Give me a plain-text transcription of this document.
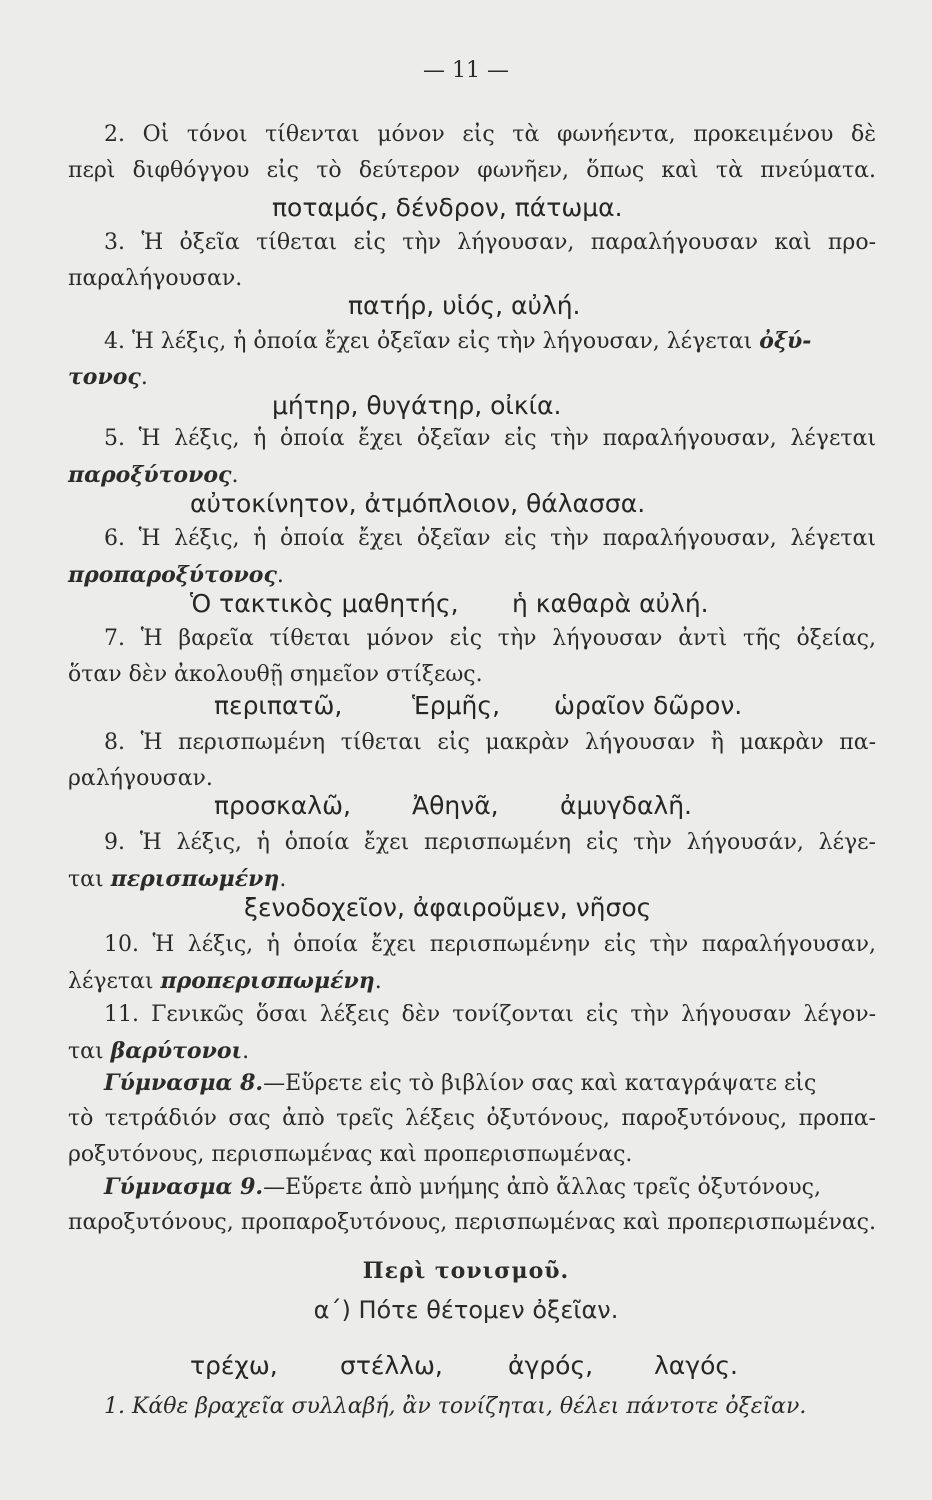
— 11 —
2. Οἱ τόνοι τίθενται μόνον εἰς τὰ φωνήεντα, προκειμένου δὲ
περὶ διφθόγγου εἰς τὸ δεύτερον φωνῆεν, ὅπως καὶ τὰ πνεύματα.
ποταμός, δένδρον, πάτωμα.
3. Ἡ ὀξεῖα τίθεται εἰς τὴν λήγουσαν, παραλήγουσαν καὶ προ-
παραλήγουσαν.
πατήρ, υἱός, αὐλή.
4. Ἡ λέξις, ἡ ὁποία ἔχει ὀξεῖαν εἰς τὴν λήγουσαν, λέγεται ὀξύ-
τονος.
μήτηρ, θυγάτηρ, οἰκία.
5. Ἡ λέξις, ἡ ὁποία ἔχει ὀξεῖαν εἰς τὴν παραλήγουσαν, λέγεται
παροξύτονος.
αὐτοκίνητον, ἀτμόπλοιον, θάλασσα.
6. Ἡ λέξις, ἡ ὁποία ἔχει ὀξεῖαν εἰς τὴν παραλήγουσαν, λέγεται
προπαροξύτονος.
Ὁ τακτικὸς μαθητής, ἡ καθαρὰ αὐλή.
7. Ἡ βαρεῖα τίθεται μόνον εἰς τὴν λήγουσαν ἀντὶ τῆς ὀξείας,
ὅταν δὲν ἀκολουθῇ σημεῖον στίξεως.
περιπατῶ,	Ἑρμῆς, ὡραῖον δῶρον.
8. Ἡ περισπωμένη τίθεται εἰς μακρὰν λήγουσαν ἢ μακρὰν πα-
ραλήγουσαν.
προσκαλῶ, Ἀθηνᾶ, ἀμυγδαλῆ.
9. Ἡ λέξις, ἡ ὁποία ἔχει περισπωμένη εἰς τὴν λήγουσάν, λέγε-
ται περισπωμένη.
ξενοδοχεῖον, ἀφαιροῦμεν, νῆσος
10. Ἡ λέξις, ἡ ὁποία ἔχει περισπωμένην εἰς τὴν παραλήγουσαν,
λέγεται προπερισπωμένη.
11. Γενικῶς ὅσαι λέξεις δὲν τονίζονται εἰς τὴν λήγουσαν λέγον-
ται βαρύτονοι.
Γύμνασμα 8.—Εὕρετε εἰς τὸ βιβλίον σας καὶ καταγράψατε εἰς
τὸ τετράδιόν σας ἀπὸ τρεῖς λέξεις ὀξυτόνους, παροξυτόνους, προπα-
ροξυτόνους, περισπωμένας καὶ προπερισπωμένας.
Γύμνασμα 9.—Εὕρετε ἀπὸ μνήμης ἀπὸ ἄλλας τρεῖς ὀξυτόνους,
παροξυτόνους, προπαροξυτόνους, περισπωμένας καὶ προπερισπωμένας.
Περὶ τονισμοῦ.
α΄) Πότε θέτομεν ὀξεῖαν.
τρέχω, στέλλω,	ἀγρός, λαγός.
1. Κάθε βραχεῖα συλλαβή, ἂν τονίζηται, θέλει πάντοτε ὀξεῖαν.
